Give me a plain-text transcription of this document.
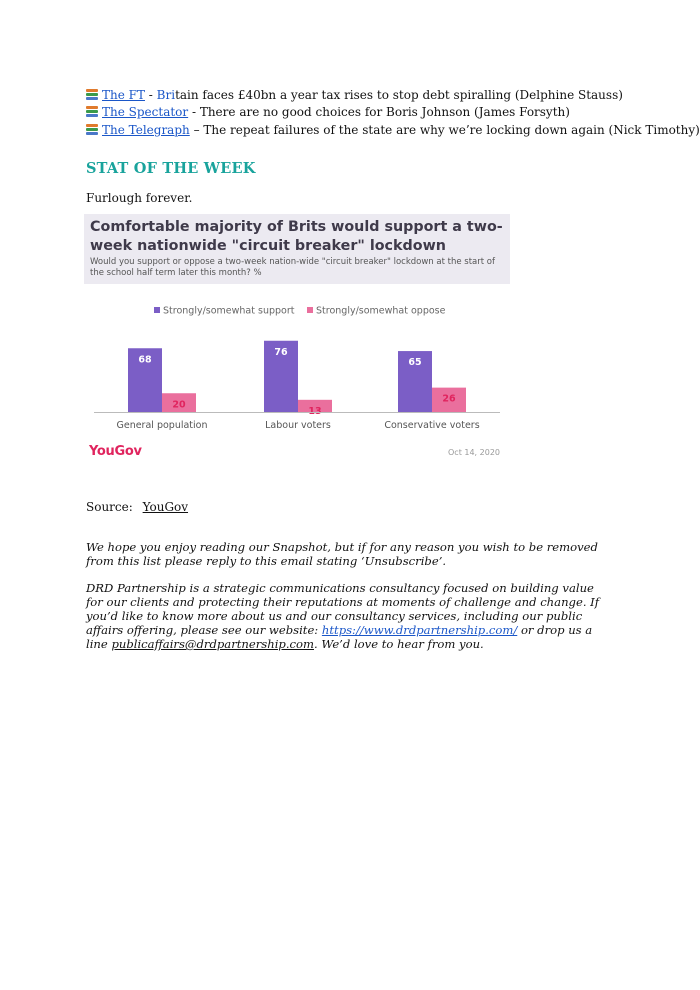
The FT - Bri tain faces £40bn a year tax rises to stop debt spiralling (Delphine Stauss)
The Spectator - There are no good choices for Boris Johnson (James Forsyth)
The Telegraph – The repeat failures of the state are why we’re locking down again (Nick Timothy)
STAT OF THE WEEK
Furlough forever.
Comfortable majority of Brits would support a two-week nationwide "circuit breaker" lockdown
Would you support or oppose a two-week nation-wide "circuit breaker" lockdown at the start of the school half term later this month? %
Strongly/somewhat support Strongly/somewhat oppose
68
20
General population
76
13
Labour voters
65
26
Conservative voters
YouGov	Oct 14, 2020
Source: YouGov
We hope you enjoy reading our Snapshot, but if for any reason you wish to be removed from this list please reply to this email stating ‘Unsubscribe’.
DRD Partnership is a strategic communications consultancy focused on building value for our clients and protecting their reputations at moments of challenge and change. If you’d like to know more about us and our consultancy services, including our public affairs offering, please see our website: https://www.drdpartnership.com/ or drop us a line publicaffairs@drdpartnership.com. We’d love to hear from you.
